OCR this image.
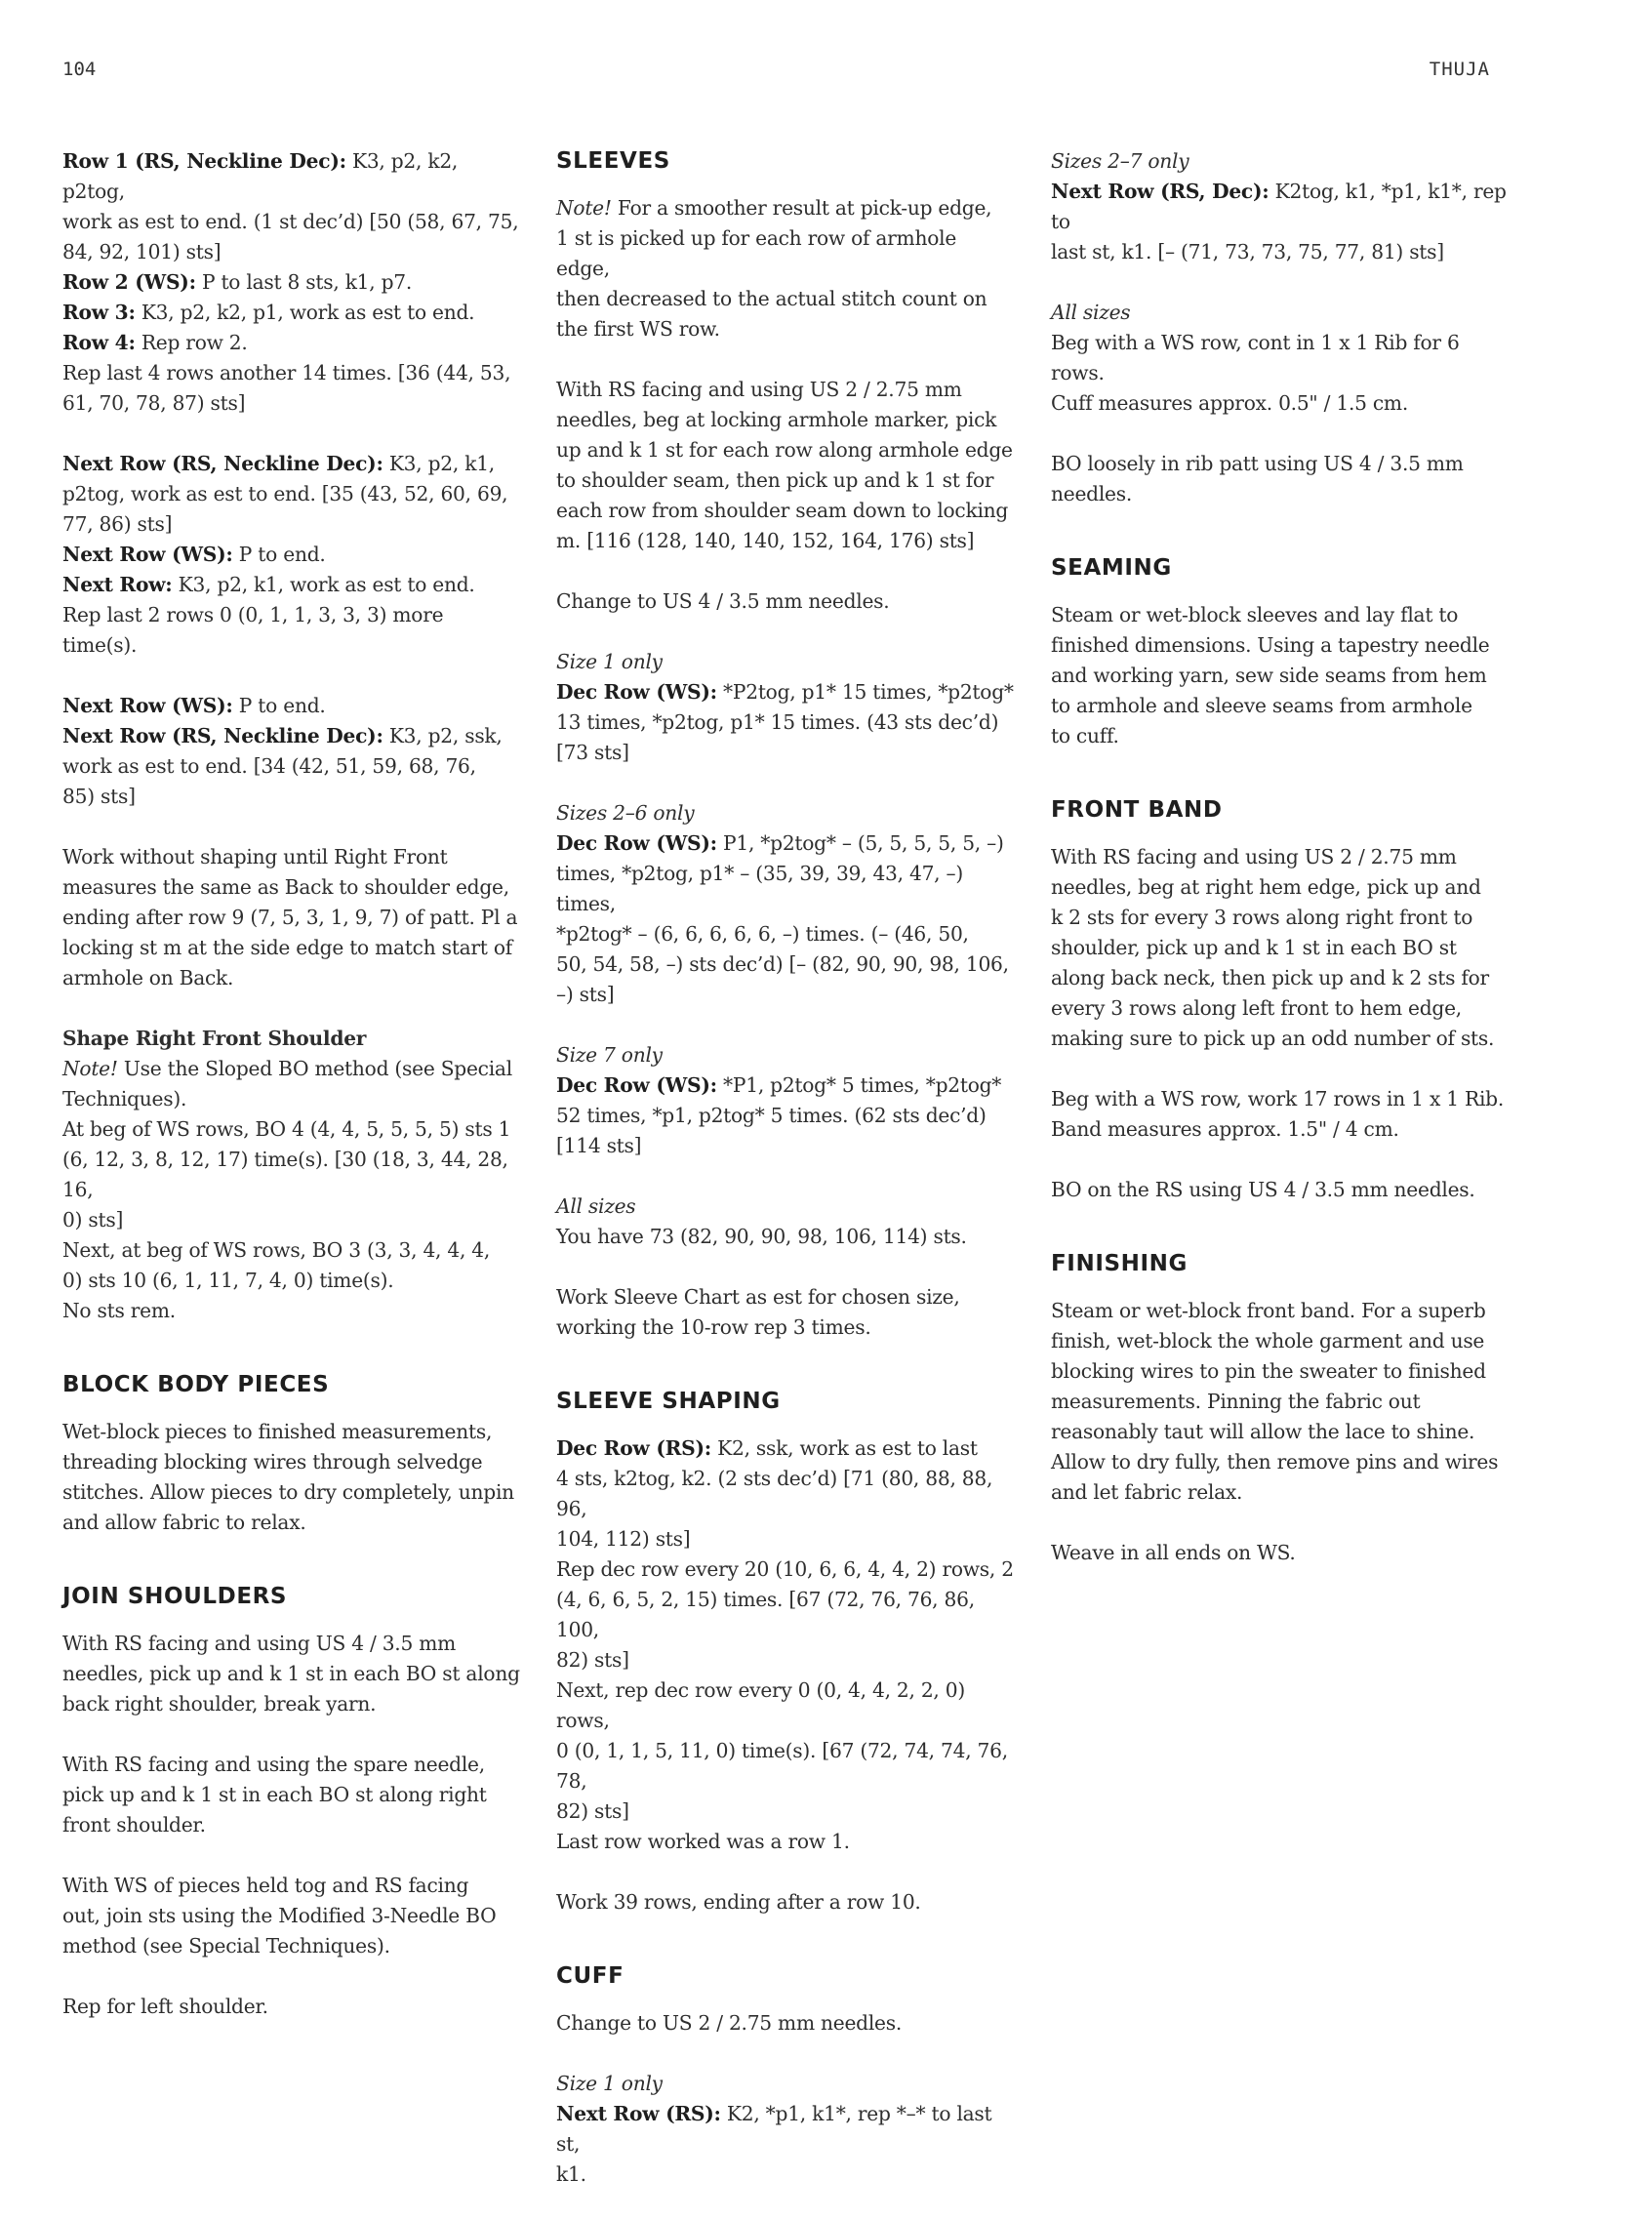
104	THUJA
Row 1 (RS, Neckline Dec): K3, p2, k2, p2tog,
work as est to end. (1 st dec’d) [50 (58, 67, 75,
84, 92, 101) sts]
Row 2 (WS): P to last 8 sts, k1, p7.
Row 3: K3, p2, k2, p1, work as est to end.
Row 4: Rep row 2.
Rep last 4 rows another 14 times. [36 (44, 53,
61, 70, 78, 87) sts]
Next Row (RS, Neckline Dec): K3, p2, k1,
p2tog, work as est to end. [35 (43, 52, 60, 69,
77, 86) sts]
Next Row (WS): P to end.
Next Row: K3, p2, k1, work as est to end.
Rep last 2 rows 0 (0, 1, 1, 3, 3, 3) more time(s).
Next Row (WS): P to end.
Next Row (RS, Neckline Dec): K3, p2, ssk,
work as est to end. [34 (42, 51, 59, 68, 76,
85) sts]
Work without shaping until Right Front
measures the same as Back to shoulder edge,
ending after row 9 (7, 5, 3, 1, 9, 7) of patt. Pl a
locking st m at the side edge to match start of
armhole on Back.
Shape Right Front Shoulder
Note! Use the Sloped BO method (see Special
Techniques).
At beg of WS rows, BO 4 (4, 4, 5, 5, 5, 5) sts 1
(6, 12, 3, 8, 12, 17) time(s). [30 (18, 3, 44, 28, 16,
0) sts]
Next, at beg of WS rows, BO 3 (3, 3, 4, 4, 4,
0) sts 10 (6, 1, 11, 7, 4, 0) time(s).
No sts rem.
BLOCK BODY PIECES
Wet-block pieces to finished measurements,
threading blocking wires through selvedge
stitches. Allow pieces to dry completely, unpin
and allow fabric to relax.
JOIN SHOULDERS
With RS facing and using US 4 / 3.5 mm
needles, pick up and k 1 st in each BO st along
back right shoulder, break yarn.
With RS facing and using the spare needle,
pick up and k 1 st in each BO st along right
front shoulder.
With WS of pieces held tog and RS facing
out, join sts using the Modified 3-Needle BO
method (see Special Techniques).
Rep for left shoulder.
SLEEVES
Note! For a smoother result at pick-up edge,
1 st is picked up for each row of armhole edge,
then decreased to the actual stitch count on
the first WS row.
With RS facing and using US 2 / 2.75 mm
needles, beg at locking armhole marker, pick
up and k 1 st for each row along armhole edge
to shoulder seam, then pick up and k 1 st for
each row from shoulder seam down to locking
m. [116 (128, 140, 140, 152, 164, 176) sts]
Change to US 4 / 3.5 mm needles.
Size 1 only
Dec Row (WS): *P2tog, p1* 15 times, *p2tog*
13 times, *p2tog, p1* 15 times. (43 sts dec’d)
[73 sts]
Sizes 2–6 only
Dec Row (WS): P1, *p2tog* – (5, 5, 5, 5, 5, –)
times, *p2tog, p1* – (35, 39, 39, 43, 47, –) times,
*p2tog* – (6, 6, 6, 6, 6, –) times. (– (46, 50,
50, 54, 58, –) sts dec’d) [– (82, 90, 90, 98, 106,
–) sts]
Size 7 only
Dec Row (WS): *P1, p2tog* 5 times, *p2tog*
52 times, *p1, p2tog* 5 times. (62 sts dec’d)
[114 sts]
All sizes
You have 73 (82, 90, 90, 98, 106, 114) sts.
Work Sleeve Chart as est for chosen size,
working the 10-row rep 3 times.
SLEEVE SHAPING
Dec Row (RS): K2, ssk, work as est to last
4 sts, k2tog, k2. (2 sts dec’d) [71 (80, 88, 88, 96,
104, 112) sts]
Rep dec row every 20 (10, 6, 6, 4, 4, 2) rows, 2
(4, 6, 6, 5, 2, 15) times. [67 (72, 76, 76, 86, 100,
82) sts]
Next, rep dec row every 0 (0, 4, 4, 2, 2, 0) rows,
0 (0, 1, 1, 5, 11, 0) time(s). [67 (72, 74, 74, 76, 78,
82) sts]
Last row worked was a row 1.
Work 39 rows, ending after a row 10.
CUFF
Change to US 2 / 2.75 mm needles.
Size 1 only
Next Row (RS): K2, *p1, k1*, rep *–* to last st,
k1.
Sizes 2–7 only
Next Row (RS, Dec): K2tog, k1, *p1, k1*, rep to
last st, k1. [– (71, 73, 73, 75, 77, 81) sts]
All sizes
Beg with a WS row, cont in 1 x 1 Rib for 6 rows.
Cuff measures approx. 0.5" / 1.5 cm.
BO loosely in rib patt using US 4 / 3.5 mm
needles.
SEAMING
Steam or wet-block sleeves and lay flat to
finished dimensions. Using a tapestry needle
and working yarn, sew side seams from hem
to armhole and sleeve seams from armhole
to cuff.
FRONT BAND
With RS facing and using US 2 / 2.75 mm
needles, beg at right hem edge, pick up and
k 2 sts for every 3 rows along right front to
shoulder, pick up and k 1 st in each BO st
along back neck, then pick up and k 2 sts for
every 3 rows along left front to hem edge,
making sure to pick up an odd number of sts.
Beg with a WS row, work 17 rows in 1 x 1 Rib.
Band measures approx. 1.5" / 4 cm.
BO on the RS using US 4 / 3.5 mm needles.
FINISHING
Steam or wet-block front band. For a superb
finish, wet-block the whole garment and use
blocking wires to pin the sweater to finished
measurements. Pinning the fabric out
reasonably taut will allow the lace to shine.
Allow to dry fully, then remove pins and wires
and let fabric relax.
Weave in all ends on WS.
